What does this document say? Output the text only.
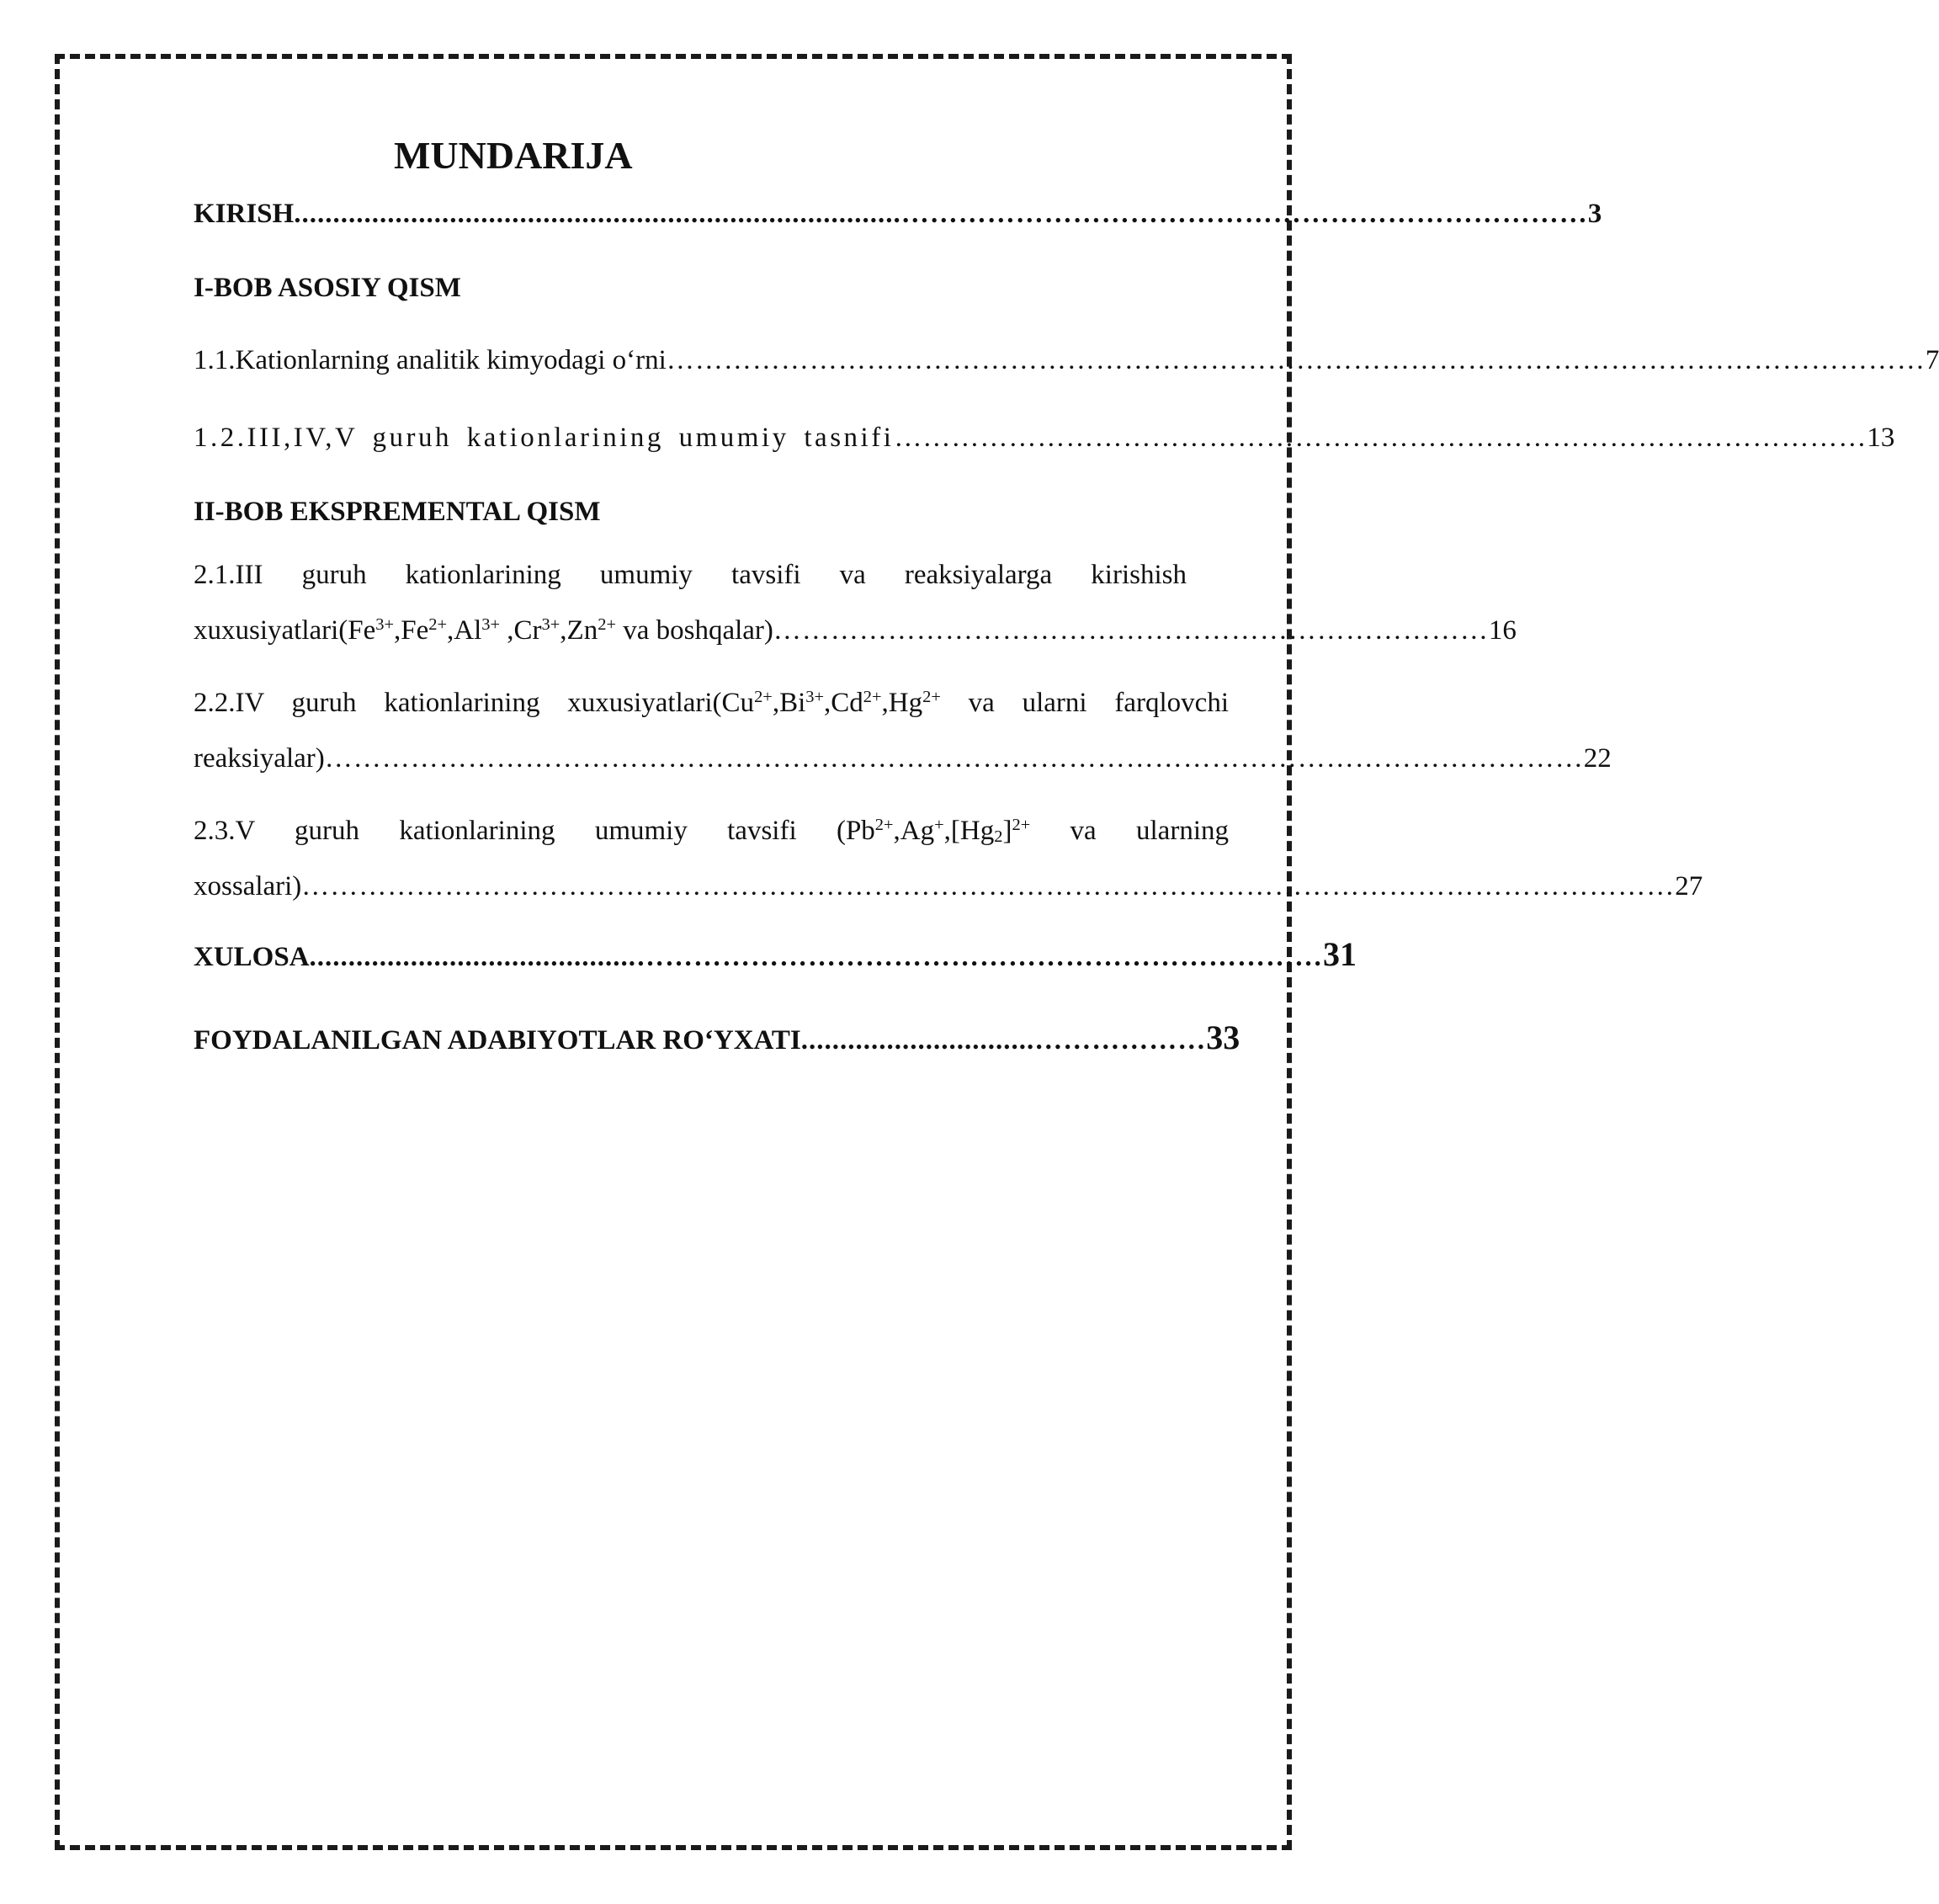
MUNDARIJA
KIRISH ..............................................................................……………………………………………………………… 3
I-BOB ASOSIY QISM
1.1.Kationlarning analitik kimyodagi o‘rni …………………………………………………………………………………………………………………… 7
1.2.III,IV,V guruh kationlarining umumiy tasnifi ………………………………………………………………………………………… 13
II-BOB EKSPREMENTAL QISM
2.1.III guruh kationlarining umumiy tavsifi va reaksiyalarga kirishish
$xuxusiyatlari(Fe^{3+},Fe^{2+},Al^{3+}$ $,Cr^{3+},Zn^{2+}$ va boshqalar) ………………………………………………………………… 16
2.2.IV guruh kationlarining $xuxusiyatlari(Cu^{2+},Bi^{3+},Cd^{2+},Hg^{2+}$ va ularni farqlovchi
reaksiyalar) …………………………………………………………………………………………………………………… 22
2.3.V guruh kationlarining umumiy tavsifi ($Pb^{2+},Ag^+,[Hg_2]^{2+}$ va ularning
xossalari) ……………………………………………………………………………………………………………………………… 27
XULOSA ..........................................……………………………………………………………… 31
FOYDALANILGAN ADABIYOTLAR RO‘YXATI ..............................……………… 33
